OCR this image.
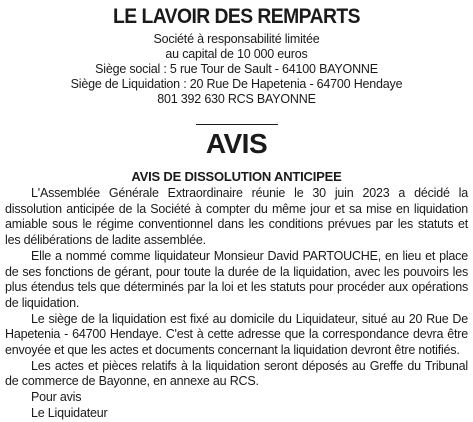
LE LAVOIR DES REMPARTS
Société à responsabilité limitée
au capital de 10 000 euros
Siège social : 5 rue Tour de Sault - 64100 BAYONNE
Siège de Liquidation : 20 Rue De Hapetenia - 64700 Hendaye
801 392 630 RCS BAYONNE
AVIS
AVIS DE DISSOLUTION ANTICIPEE

L'Assemblée Générale Extraordinaire réunie le 30 juin 2023 a décidé la dissolution anticipée de la Société à compter du même jour et sa mise en liquidation amiable sous le régime conventionnel dans les conditions prévues par les statuts et les délibérations de ladite assemblée.

Elle a nommé comme liquidateur Monsieur David PARTOUCHE, en lieu et place de ses fonctions de gérant, pour toute la durée de la liquidation, avec les pouvoirs les plus étendus tels que déterminés par la loi et les statuts pour procéder aux opérations de liquidation.

Le siège de la liquidation est fixé au domicile du Liquidateur, situé au 20 Rue De Hapetenia - 64700 Hendaye. C'est à cette adresse que la correspondance devra être envoyée et que les actes et documents concernant la liquidation devront être notifiés.

Les actes et pièces relatifs à la liquidation seront déposés au Greffe du Tribunal de commerce de Bayonne, en annexe au RCS.

Pour avis

Le Liquidateur
